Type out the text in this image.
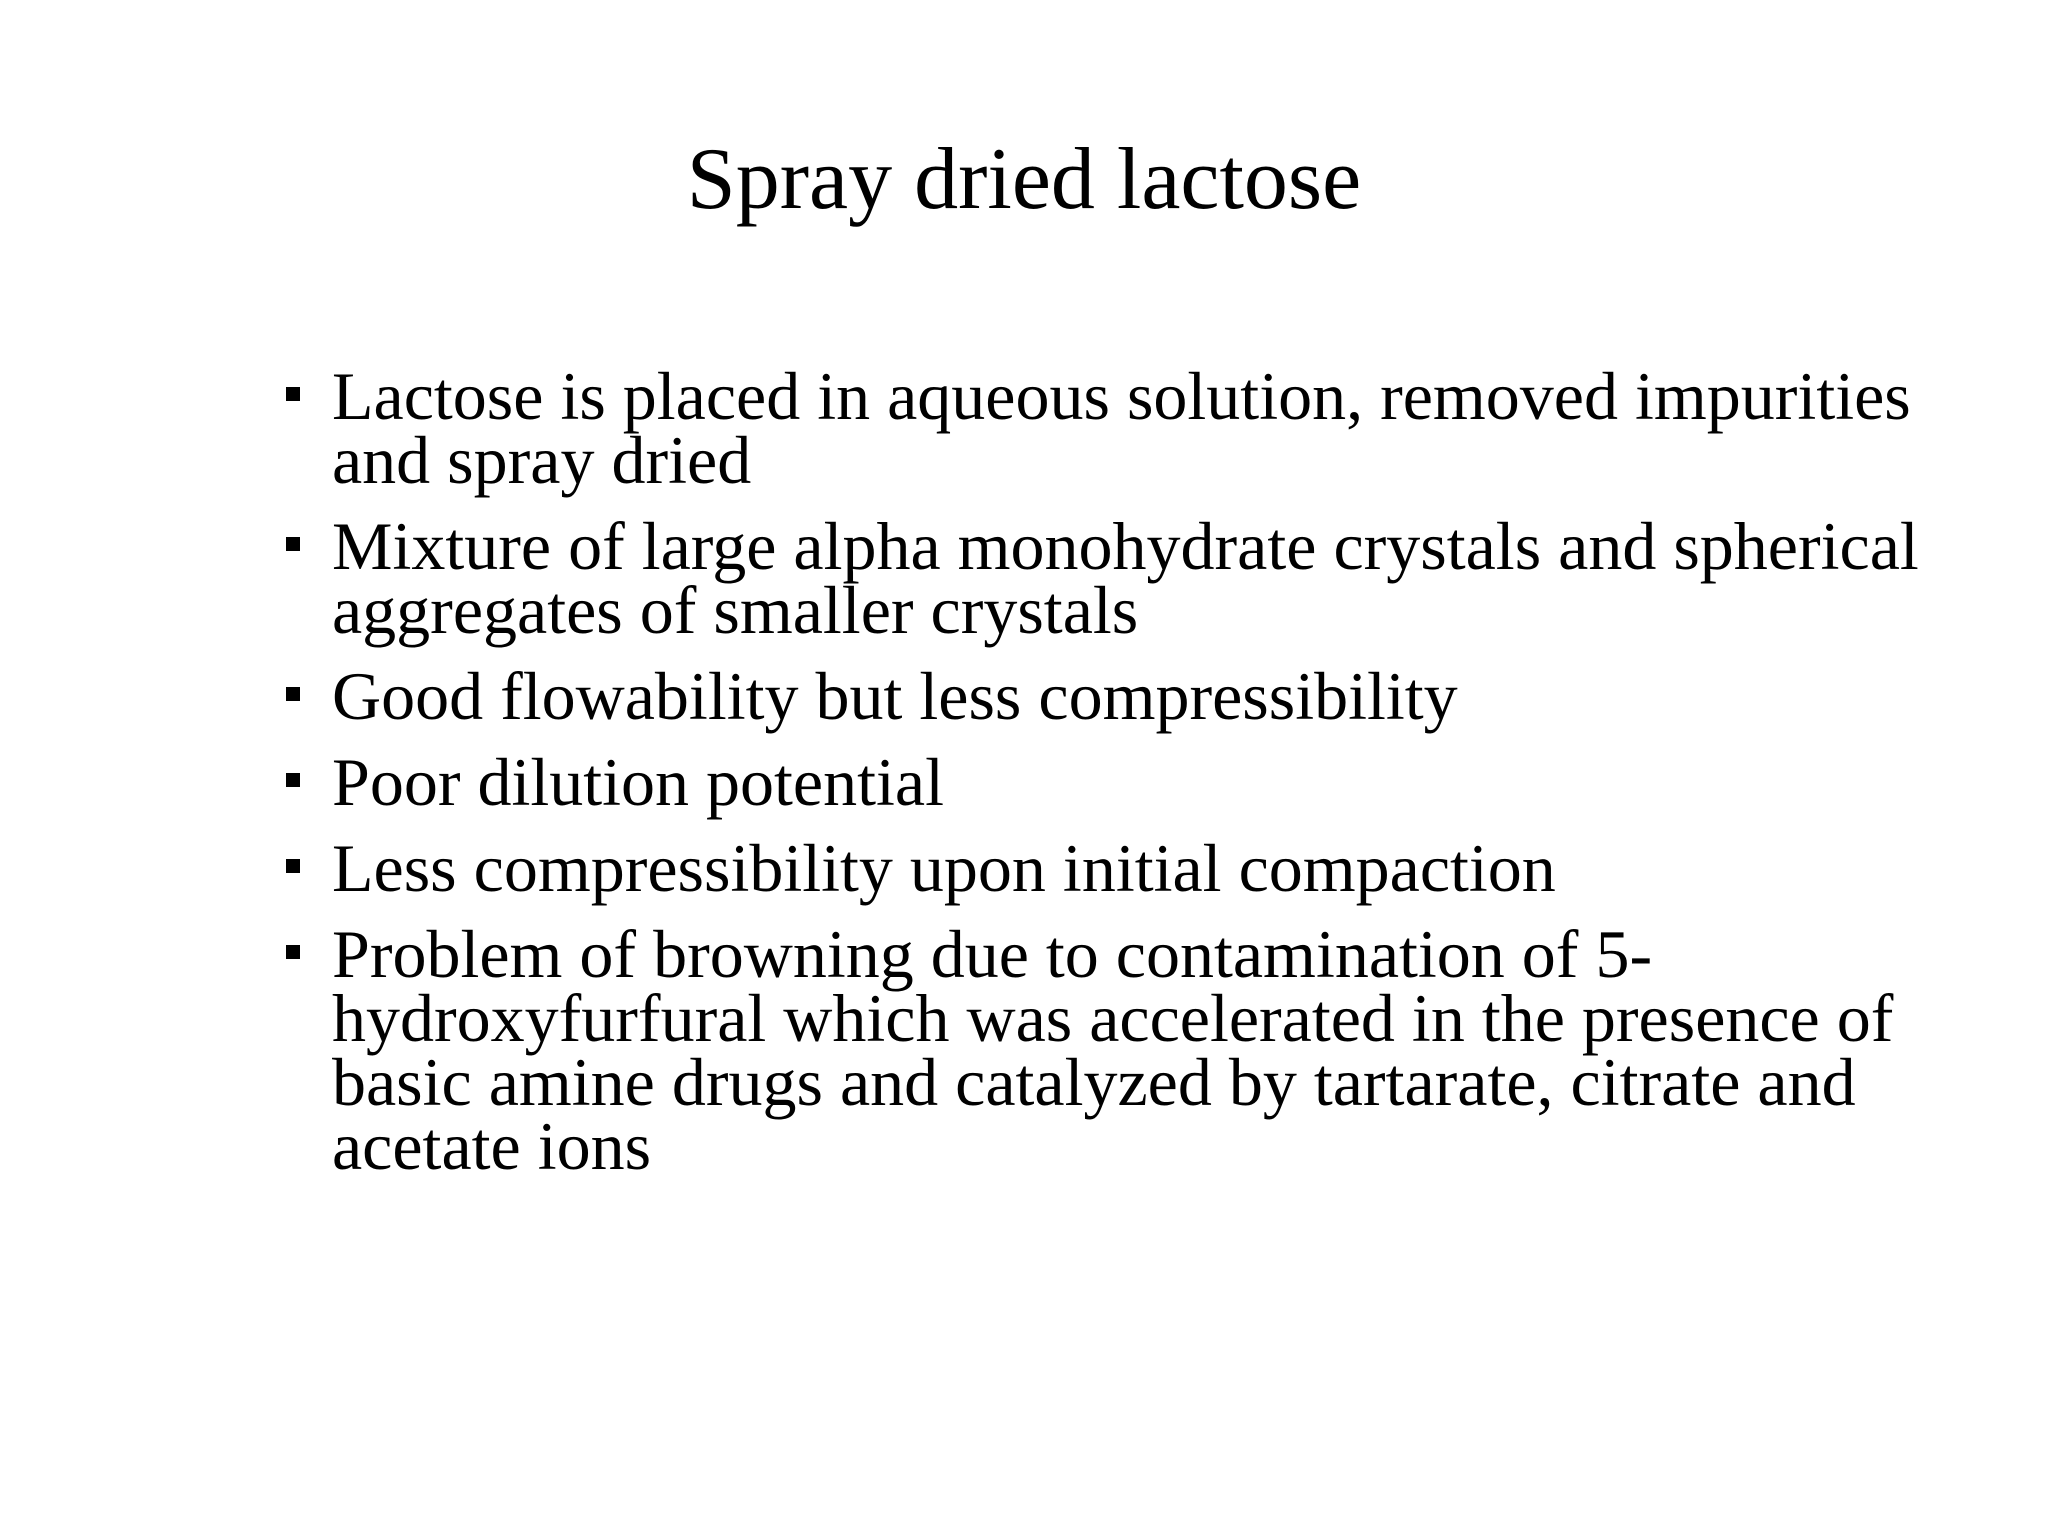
Spray dried lactose
Lactose is placed in aqueous solution, removed impurities and spray dried
Mixture of large alpha monohydrate crystals and spherical aggregates of smaller crystals
Good flowability but less compressibility
Poor dilution potential
Less compressibility upon initial compaction
Problem of browning due to contamination of 5-hydroxyfurfural which was accelerated in the presence of basic amine drugs and catalyzed by tartarate, citrate and acetate ions
